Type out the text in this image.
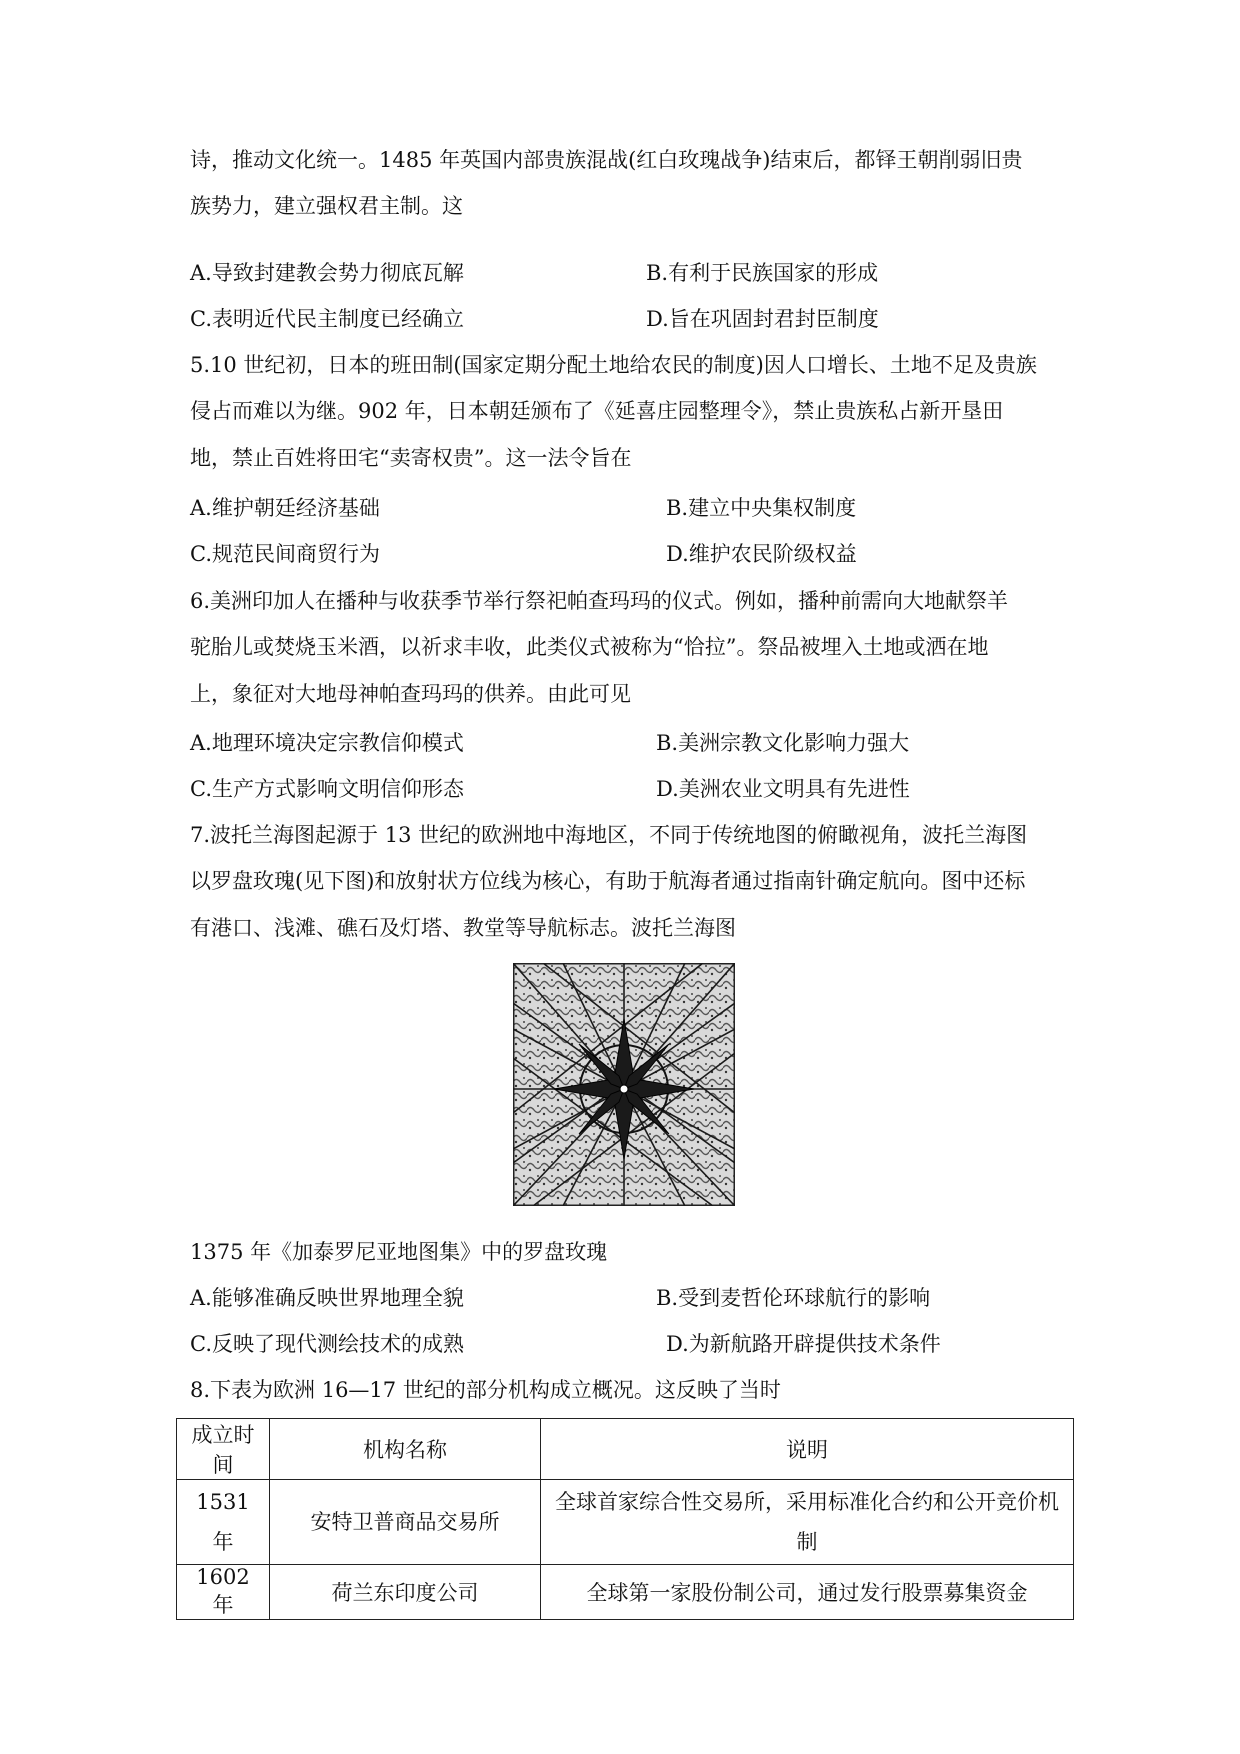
诗，推动文化统一。1485 年英国内部贵族混战(红白玫瑰战争)结束后，都铎王朝削弱旧贵
族势力，建立强权君主制。这
A.导致封建教会势力彻底瓦解	B.有利于民族国家的形成
C.表明近代民主制度已经确立	D.旨在巩固封君封臣制度
5.10 世纪初，日本的班田制(国家定期分配土地给农民的制度)因人口增长、土地不足及贵族
侵占而难以为继。902 年，日本朝廷颁布了《延喜庄园整理令》，禁止贵族私占新开垦田
地，禁止百姓将田宅“卖寄权贵”。这一法令旨在
A.维护朝廷经济基础	B.建立中央集权制度
C.规范民间商贸行为	D.维护农民阶级权益
6.美洲印加人在播种与收获季节举行祭祀帕查玛玛的仪式。例如，播种前需向大地献祭羊
驼胎儿或焚烧玉米酒，以祈求丰收，此类仪式被称为“恰拉”。祭品被埋入土地或洒在地
上，象征对大地母神帕查玛玛的供养。由此可见
A.地理环境决定宗教信仰模式	B.美洲宗教文化影响力强大
C.生产方式影响文明信仰形态	D.美洲农业文明具有先进性
7.波托兰海图起源于 13 世纪的欧洲地中海地区，不同于传统地图的俯瞰视角，波托兰海图
以罗盘玫瑰(见下图)和放射状方位线为核心，有助于航海者通过指南针确定航向。图中还标
有港口、浅滩、礁石及灯塔、教堂等导航标志。波托兰海图
1375 年《加泰罗尼亚地图集》中的罗盘玫瑰
A.能够准确反映世界地理全貌	B.受到麦哲伦环球航行的影响
C.反映了现代测绘技术的成熟	D.为新航路开辟提供技术条件
8.下表为欧洲 16—17 世纪的部分机构成立概况。这反映了当时
成立时间	机构名称	说明
1531 年	安特卫普商品交易所	全球首家综合性交易所，采用标准化合约和公开竞价机制
1602 年	荷兰东印度公司	全球第一家股份制公司，通过发行股票募集资金
